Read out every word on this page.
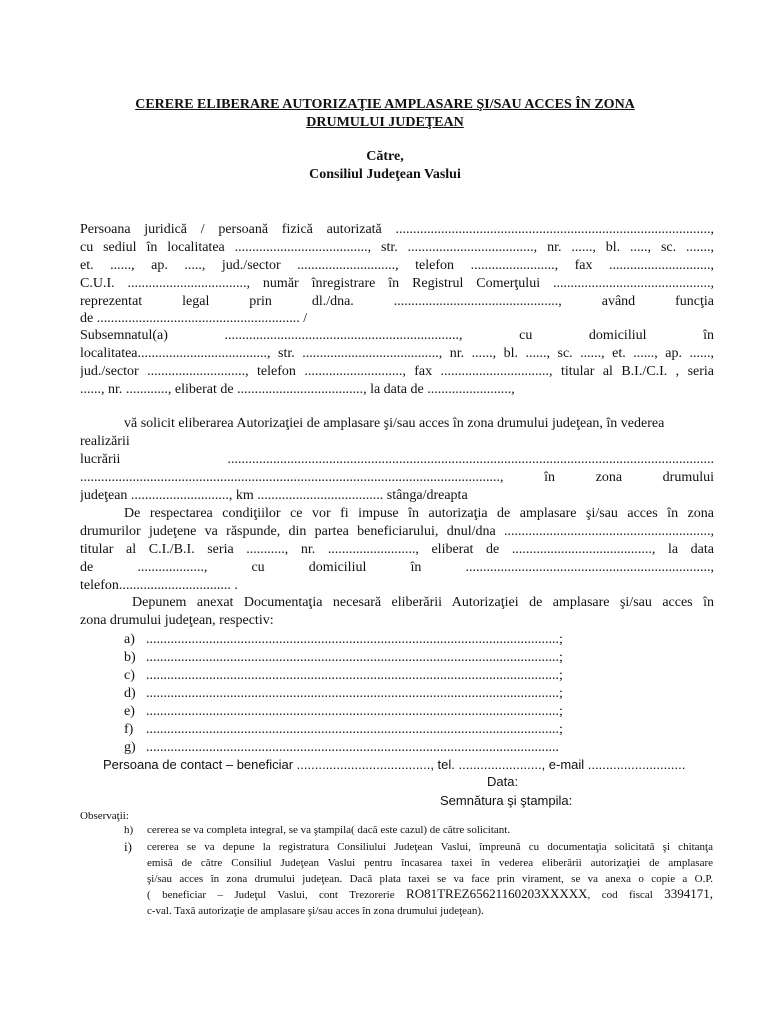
CERERE ELIBERARE AUTORIZAŢIE AMPLASARE ŞI/SAU ACCES ÎN ZONA
DRUMULUI JUDEŢEAN
Către,
Consiliul Judeţean Vaslui
Persoana juridică / persoană fizică autorizată ..........................................................................................,
cu sediul în localitatea ......................................, str. ...................................., nr. ......, bl. ....., sc. .......,
et. ......, ap. ....., jud./sector ............................, telefon ........................, fax .............................,
C.U.I. .................................., număr înregistrare în Registrul Comerţului .............................................,
reprezentat legal prin dl./dna. ..............................................., având funcţia
de .......................................................... /
Subsemnatul(a) ..................................................................., cu domiciliul în
localitatea....................................., str. ......................................., nr. ......, bl. ......, sc. ......, et. ......, ap. ......,
jud./sector ............................, telefon ............................, fax ..............................., titular al B.I./C.I. , seria
......, nr. ............, eliberat de ...................................., la data de ........................,
vă solicit eliberarea Autorizaţiei de amplasare şi/sau acces în zona drumului judeţean, în vederea
realizării
lucrării ...........................................................................................................................................
........................................................................................................................, în zona drumului
judeţean ............................, km .................................... stânga/dreapta
De respectarea condiţiilor ce vor fi impuse în autorizaţia de amplasare şi/sau acces în zona
drumurilor judeţene va răspunde, din partea beneficiarului, dnul/dna ...........................................................,
titular al C.I./B.I. seria ..........., nr. ........................., eliberat de ........................................, la data
de ..................., cu domiciliul în ......................................................................,
telefon................................ .
Depunem anexat Documentaţia necesară eliberării Autorizaţiei de amplasare şi/sau acces în
zona drumului judeţean, respectiv:
a) ......................................................................................................................;
b) ......................................................................................................................;
c) ......................................................................................................................;
d) ......................................................................................................................;
e) ......................................................................................................................;
f) ......................................................................................................................;
g) ......................................................................................................................
Persoana de contact – beneficiar ....................................., tel. ......................., e-mail ...........................
Data:
Semnătura şi ştampila:
Observaţii:
h) cererea se va completa integral, se va ştampila( dacă este cazul) de către solicitant.
i) cererea se va depune la registratura Consiliului Judeţean Vaslui, împreună cu documentaţia solicitată şi chitanţa
emisă de către Consiliul Judeţean Vaslui pentru încasarea taxei în vederea eliberării autorizaţiei de amplasare
şi/sau acces în zona drumului judeţean. Dacă plata taxei se va face prin virament, se va anexa o copie a O.P.
( beneficiar – Judeţul Vaslui, cont Trezorerie RO81TREZ65621160203XXXXX, cod fiscal 3394171,
c-val. Taxă autorizaţie de amplasare şi/sau acces în zona drumului judeţean).
